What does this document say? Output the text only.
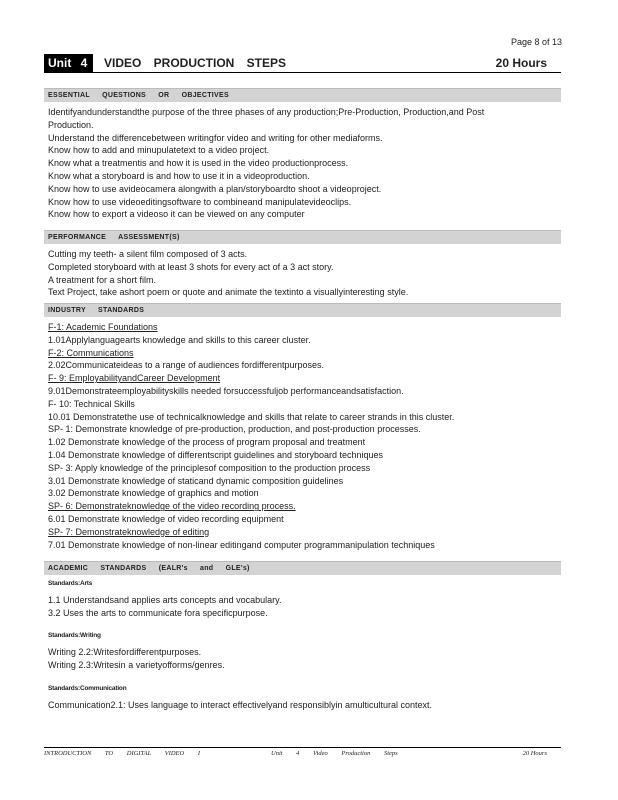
Page 8 of 13
Unit 4	VIDEO PRODUCTION STEPS	20 Hours
ESSENTIAL QUESTIONS OR OBJECTIVES
Identifyandunderstandthe purpose of the three phases of any production;Pre-Production, Production,and Post
Production.
Understand the differencebetween writingfor video and writing for other mediaforms.
Know how to add and minupulatetext to a video project.
Know what a treatmentis and how it is used in the video productionprocess.
Know what a storyboard is and how to use it in a videoproduction.
Know how to use avideocamera alongwith a plan/storyboardto shoot a videoproject.
Know how to use videoeditingsoftware to combineand manipulatevideoclips.
Know how to export a videoso it can be viewed on any computer
PERFORMANCE ASSESSMENT(S)
Cutting my teeth- a silent film composed of 3 acts.
Completed storyboard with at least 3 shots for every act of a 3 act story.
A treatment for a short film.
Text Project, take ashort poem or quote and animate the textinto a visuallyinteresting style.
INDUSTRY STANDARDS
F-1: Academic Foundations
1.01Applylanguagearts knowledge and skills to this career cluster.
F-2: Communications
2.02Communicateideas to a range of audiences fordifferentpurposes.
F- 9: EmployabilityandCareer Development
9.01Demonstrateemployabilityskills needed forsuccessfuljob performanceandsatisfaction.
F- 10: Technical Skills
10.01 Demonstratethe use of technicalknowledge and skills that relate to career strands in this cluster.
SP- 1: Demonstrate knowledge of pre-production, production, and post-production processes.
1.02 Demonstrate knowledge of the process of program proposal and treatment
1.04 Demonstrate knowledge of differentscript guidelines and storyboard techniques
SP- 3: Apply knowledge of the principlesof composition to the production process
3.01 Demonstrate knowledge of staticand dynamic composition guidelines
3.02 Demonstrate knowledge of graphics and motion
SP- 6: Demonstrateknowledge of the video recording process.
6.01 Demonstrate knowledge of video recording equipment
SP- 7: Demonstrateknowledge of editing
7.01 Demonstrate knowledge of non-linear editingand computer programmanipulation techniques
ACADEMIC STANDARDS (EALR's and GLE's)
Standards:Arts
1.1 Understandsand applies arts concepts and vocabulary.
3.2 Uses the arts to communicate fora specificpurpose.
Standards:Writing
Writing 2.2:Writesfordifferentpurposes.
Writing 2.3:Writesin a varietyofforms/genres.
Standards:Communication
Communication2.1: Uses language to interact effectivelyand responsiblyin amulticultural context.
INTRODUCTION TO DIGITAL VIDEO I	Unit 4 Video Production Steps	20 Hours
